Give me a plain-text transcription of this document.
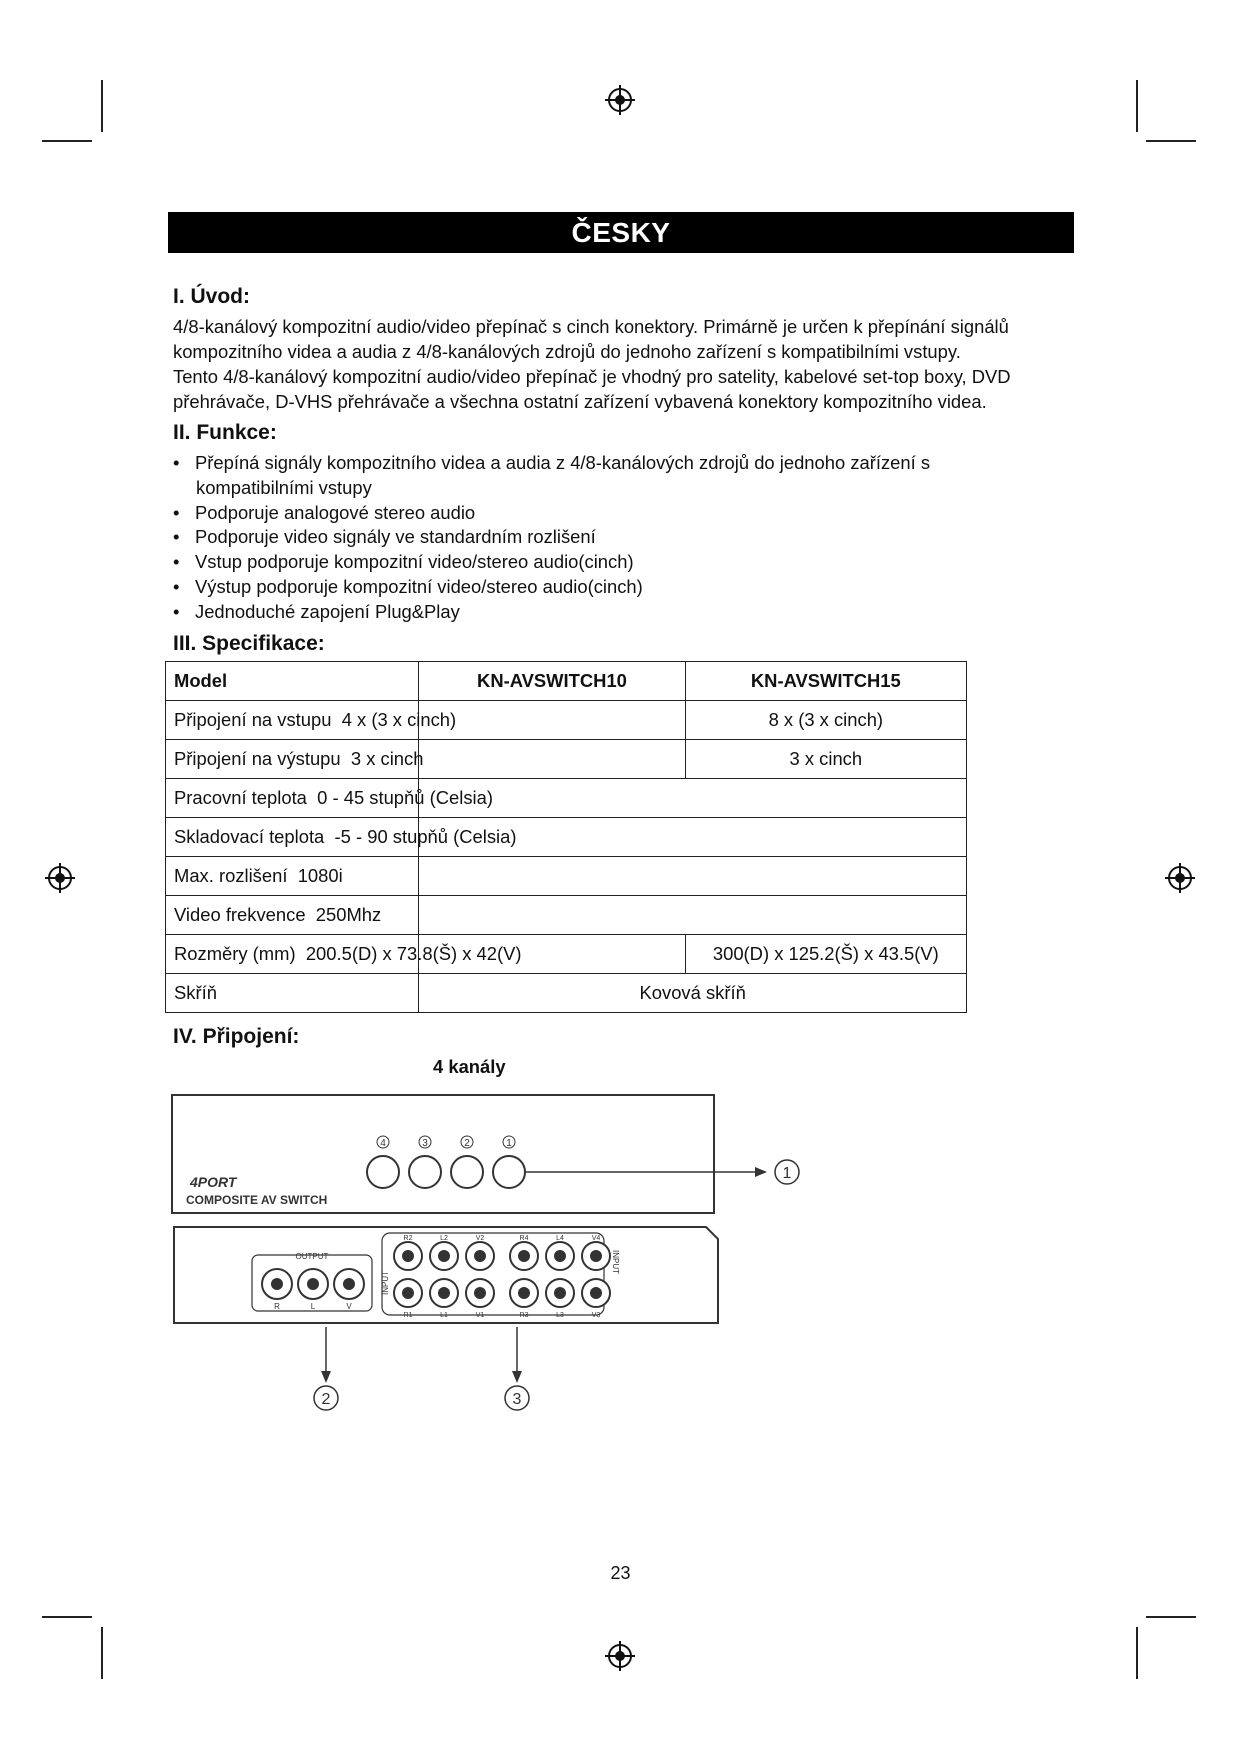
ČESKY
I. Úvod:

4/8-kanálový kompozitní audio/video přepínač s cinch konektory. Primárně je určen k přepínání signálů

kompozitního videa a audia z 4/8-kanálových zdrojů do jednoho zařízení s kompatibilními vstupy.

Tento 4/8-kanálový kompozitní audio/video přepínač je vhodný pro satelity, kabelové set-top boxy, DVD

přehrávače, D-VHS přehrávače a všechna ostatní zařízení vybavená konektory kompozitního videa.

II. Funkce:
• Přepíná signály kompozitního videa a audia z 4/8-kanálových zdrojů do jednoho zařízení s
kompatibilními vstupy
• Podporuje analogové stereo audio
• Podporuje video signály ve standardním rozlišení
• Vstup podporuje kompozitní video/stereo audio(cinch)
• Výstup podporuje kompozitní video/stereo audio(cinch)
• Jednoduché zapojení Plug&Play
III. Specifikace:
Model	KN-AVSWITCH10	KN-AVSWITCH15
Připojení na vstupu 4 x (3 x cinch)		8 x (3 x cinch)
Připojení na výstupu 3 x cinch		3 x cinch
Pracovní teplota 0 - 45 stupňů (Celsia)		
Skladovací teplota -5 - 90 stupňů (Celsia)		
Max. rozlišení 1080i		
Video frekvence 250Mhz		
Rozměry (mm) 200.5(D) x 73.8(Š) x 42(V)		300(D) x 125.2(Š) x 43.5(V)
Skříň	Kovová skříň	
IV. Připojení:
4 kanály
4PORT
COMPOSITE AV SWITCH
4	3	2	1
1
OUTPUT
R	L	V
INPUT
INPUT
R2	L2	V2	R4	L4	V4
R1	L1	V1	R3	L3	V3
2	3
23
